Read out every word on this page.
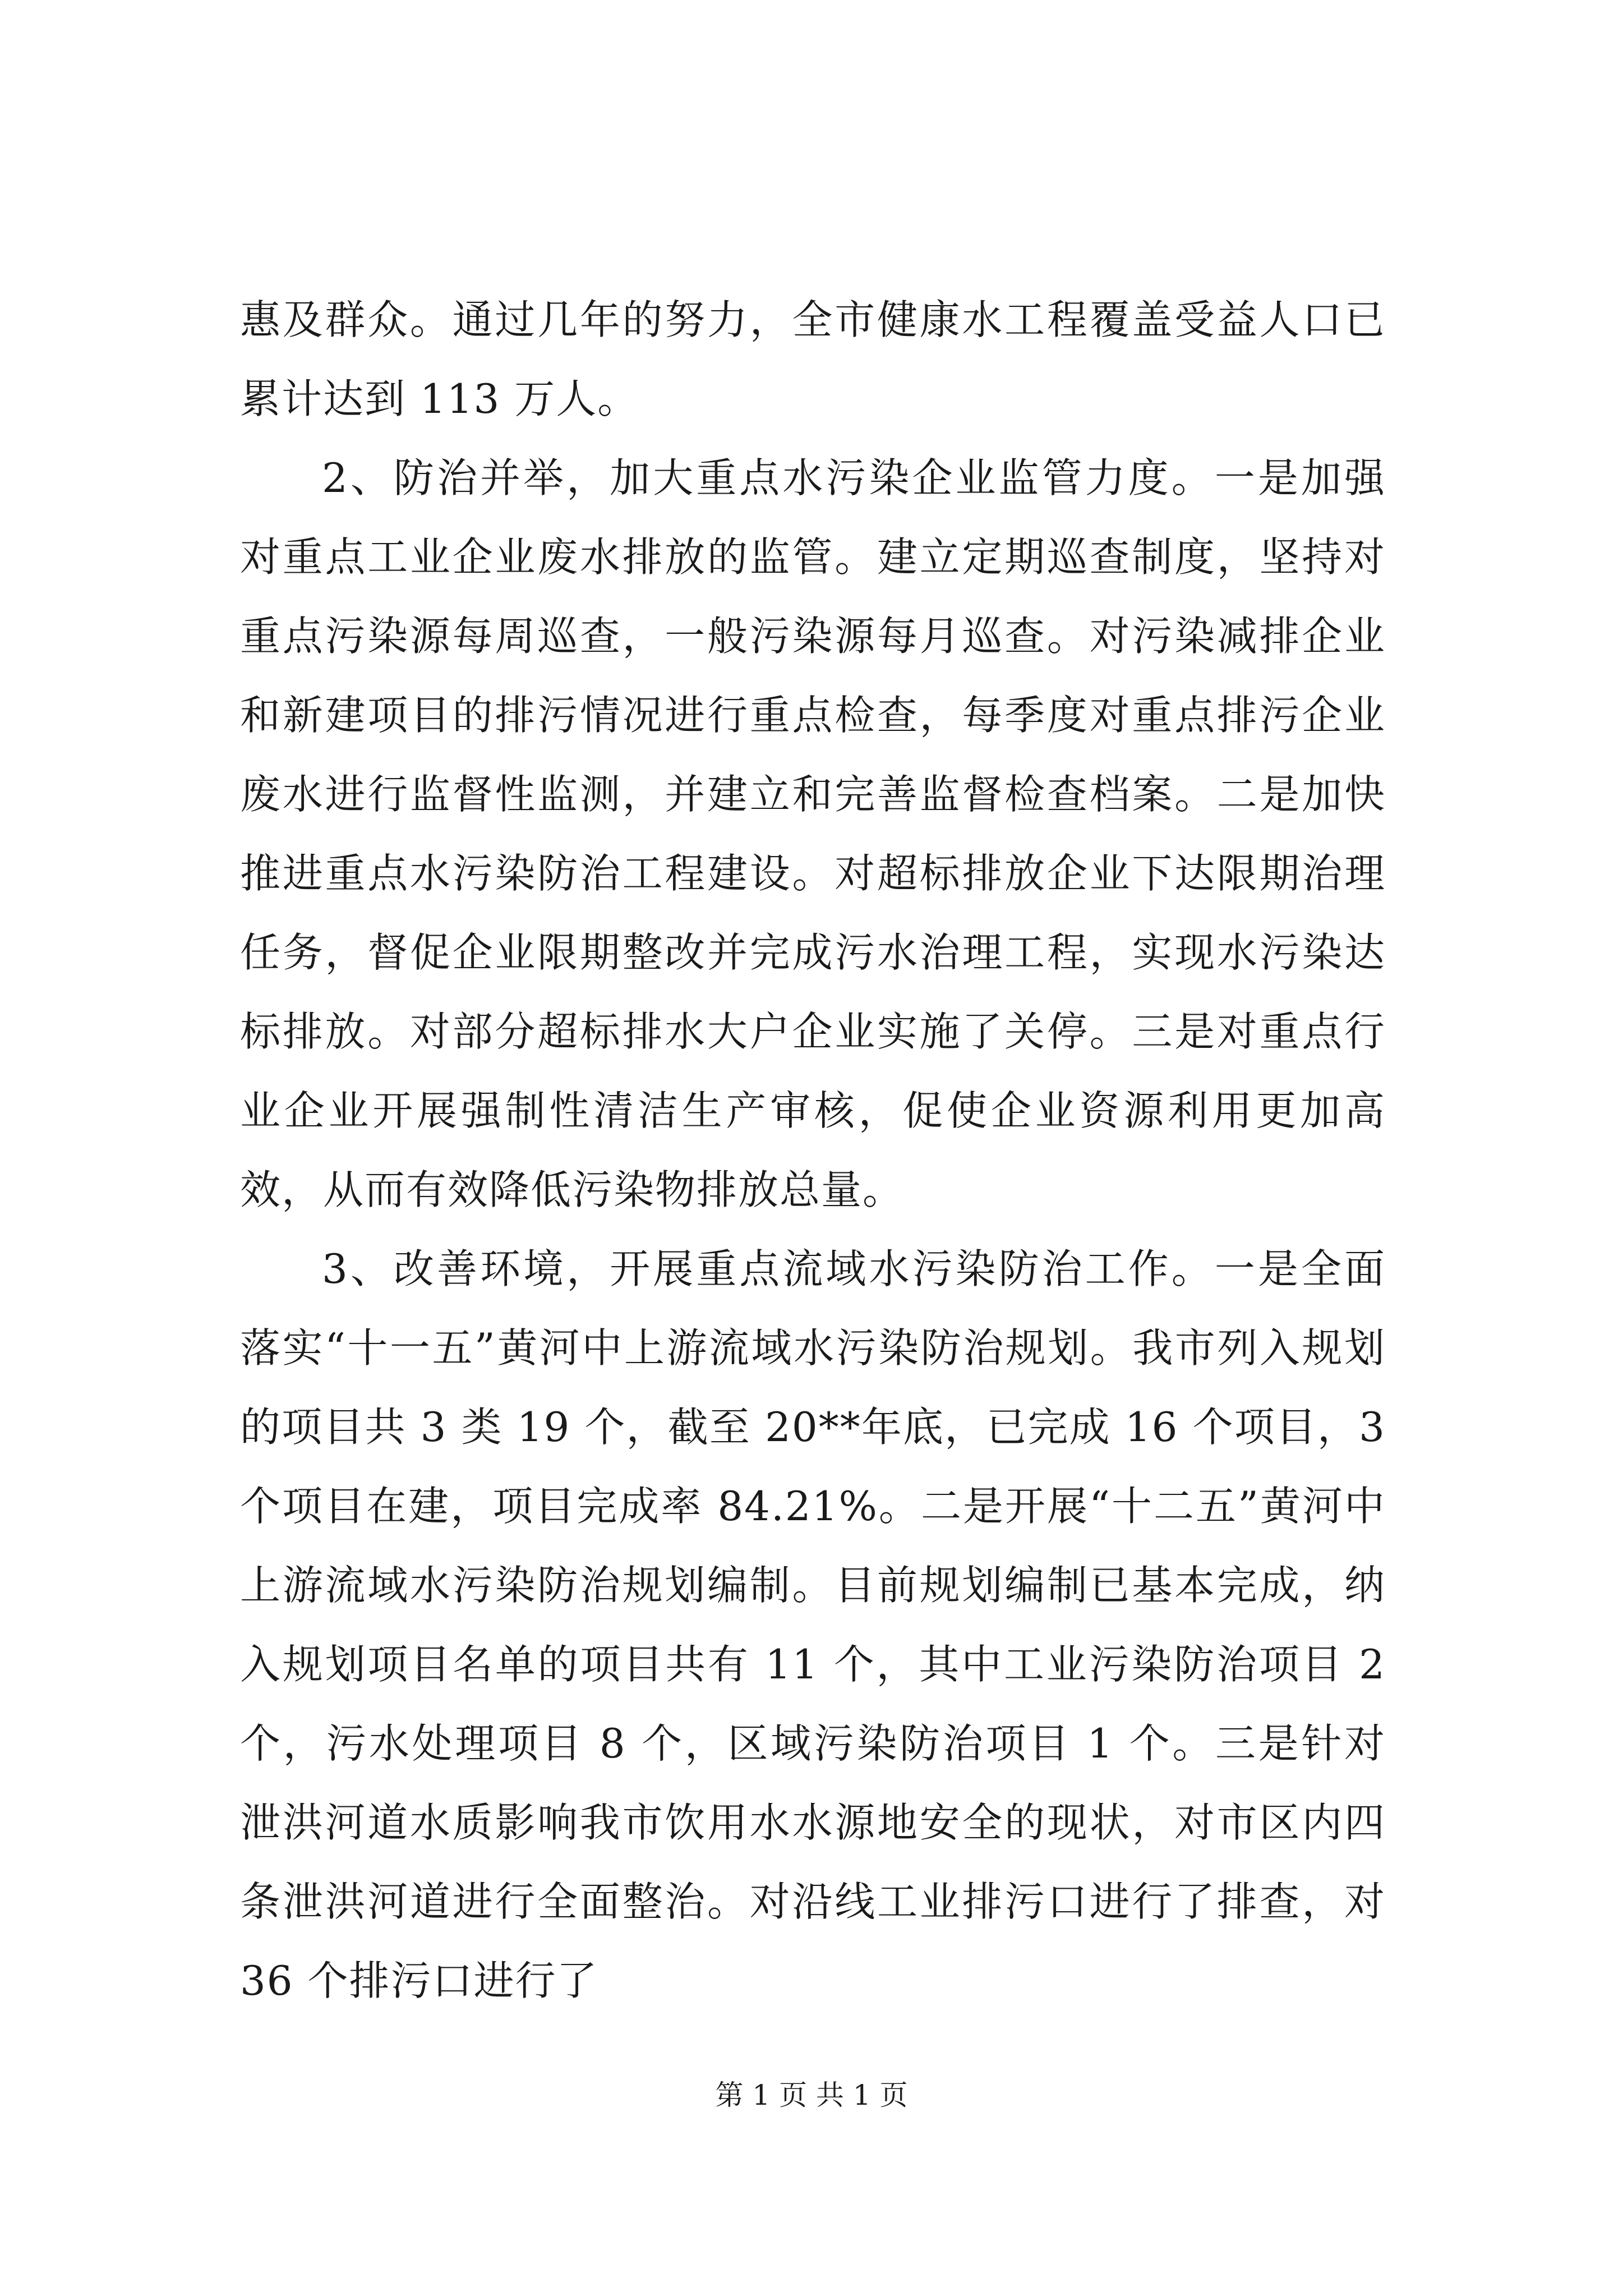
惠及群众。通过几年的努力，全市健康水工程覆盖受益人口已累计达到 113 万人。

2、防治并举，加大重点水污染企业监管力度。一是加强对重点工业企业废水排放的监管。建立定期巡查制度，坚持对重点污染源每周巡查，一般污染源每月巡查。对污染减排企业和新建项目的排污情况进行重点检查，每季度对重点排污企业废水进行监督性监测，并建立和完善监督检查档案。二是加快推进重点水污染防治工程建设。对超标排放企业下达限期治理任务，督促企业限期整改并完成污水治理工程，实现水污染达标排放。对部分超标排水大户企业实施了关停。三是对重点行业企业开展强制性清洁生产审核，促使企业资源利用更加高效，从而有效降低污染物排放总量。

3、改善环境，开展重点流域水污染防治工作。一是全面落实“十一五”黄河中上游流域水污染防治规划。我市列入规划的项目共 3 类 19 个，截至 20**年底，已完成 16 个项目，3 个项目在建，项目完成率 84.21%。二是开展“十二五”黄河中上游流域水污染防治规划编制。目前规划编制已基本完成，纳入规划项目名单的项目共有 11 个，其中工业污染防治项目 2 个，污水处理项目 8 个，区域污染防治项目 1 个。三是针对泄洪河道水质影响我市饮用水水源地安全的现状，对市区内四条泄洪河道进行全面整治。对沿线工业排污口进行了排查，对 36 个排污口进行了

第 1 页 共 1 页
